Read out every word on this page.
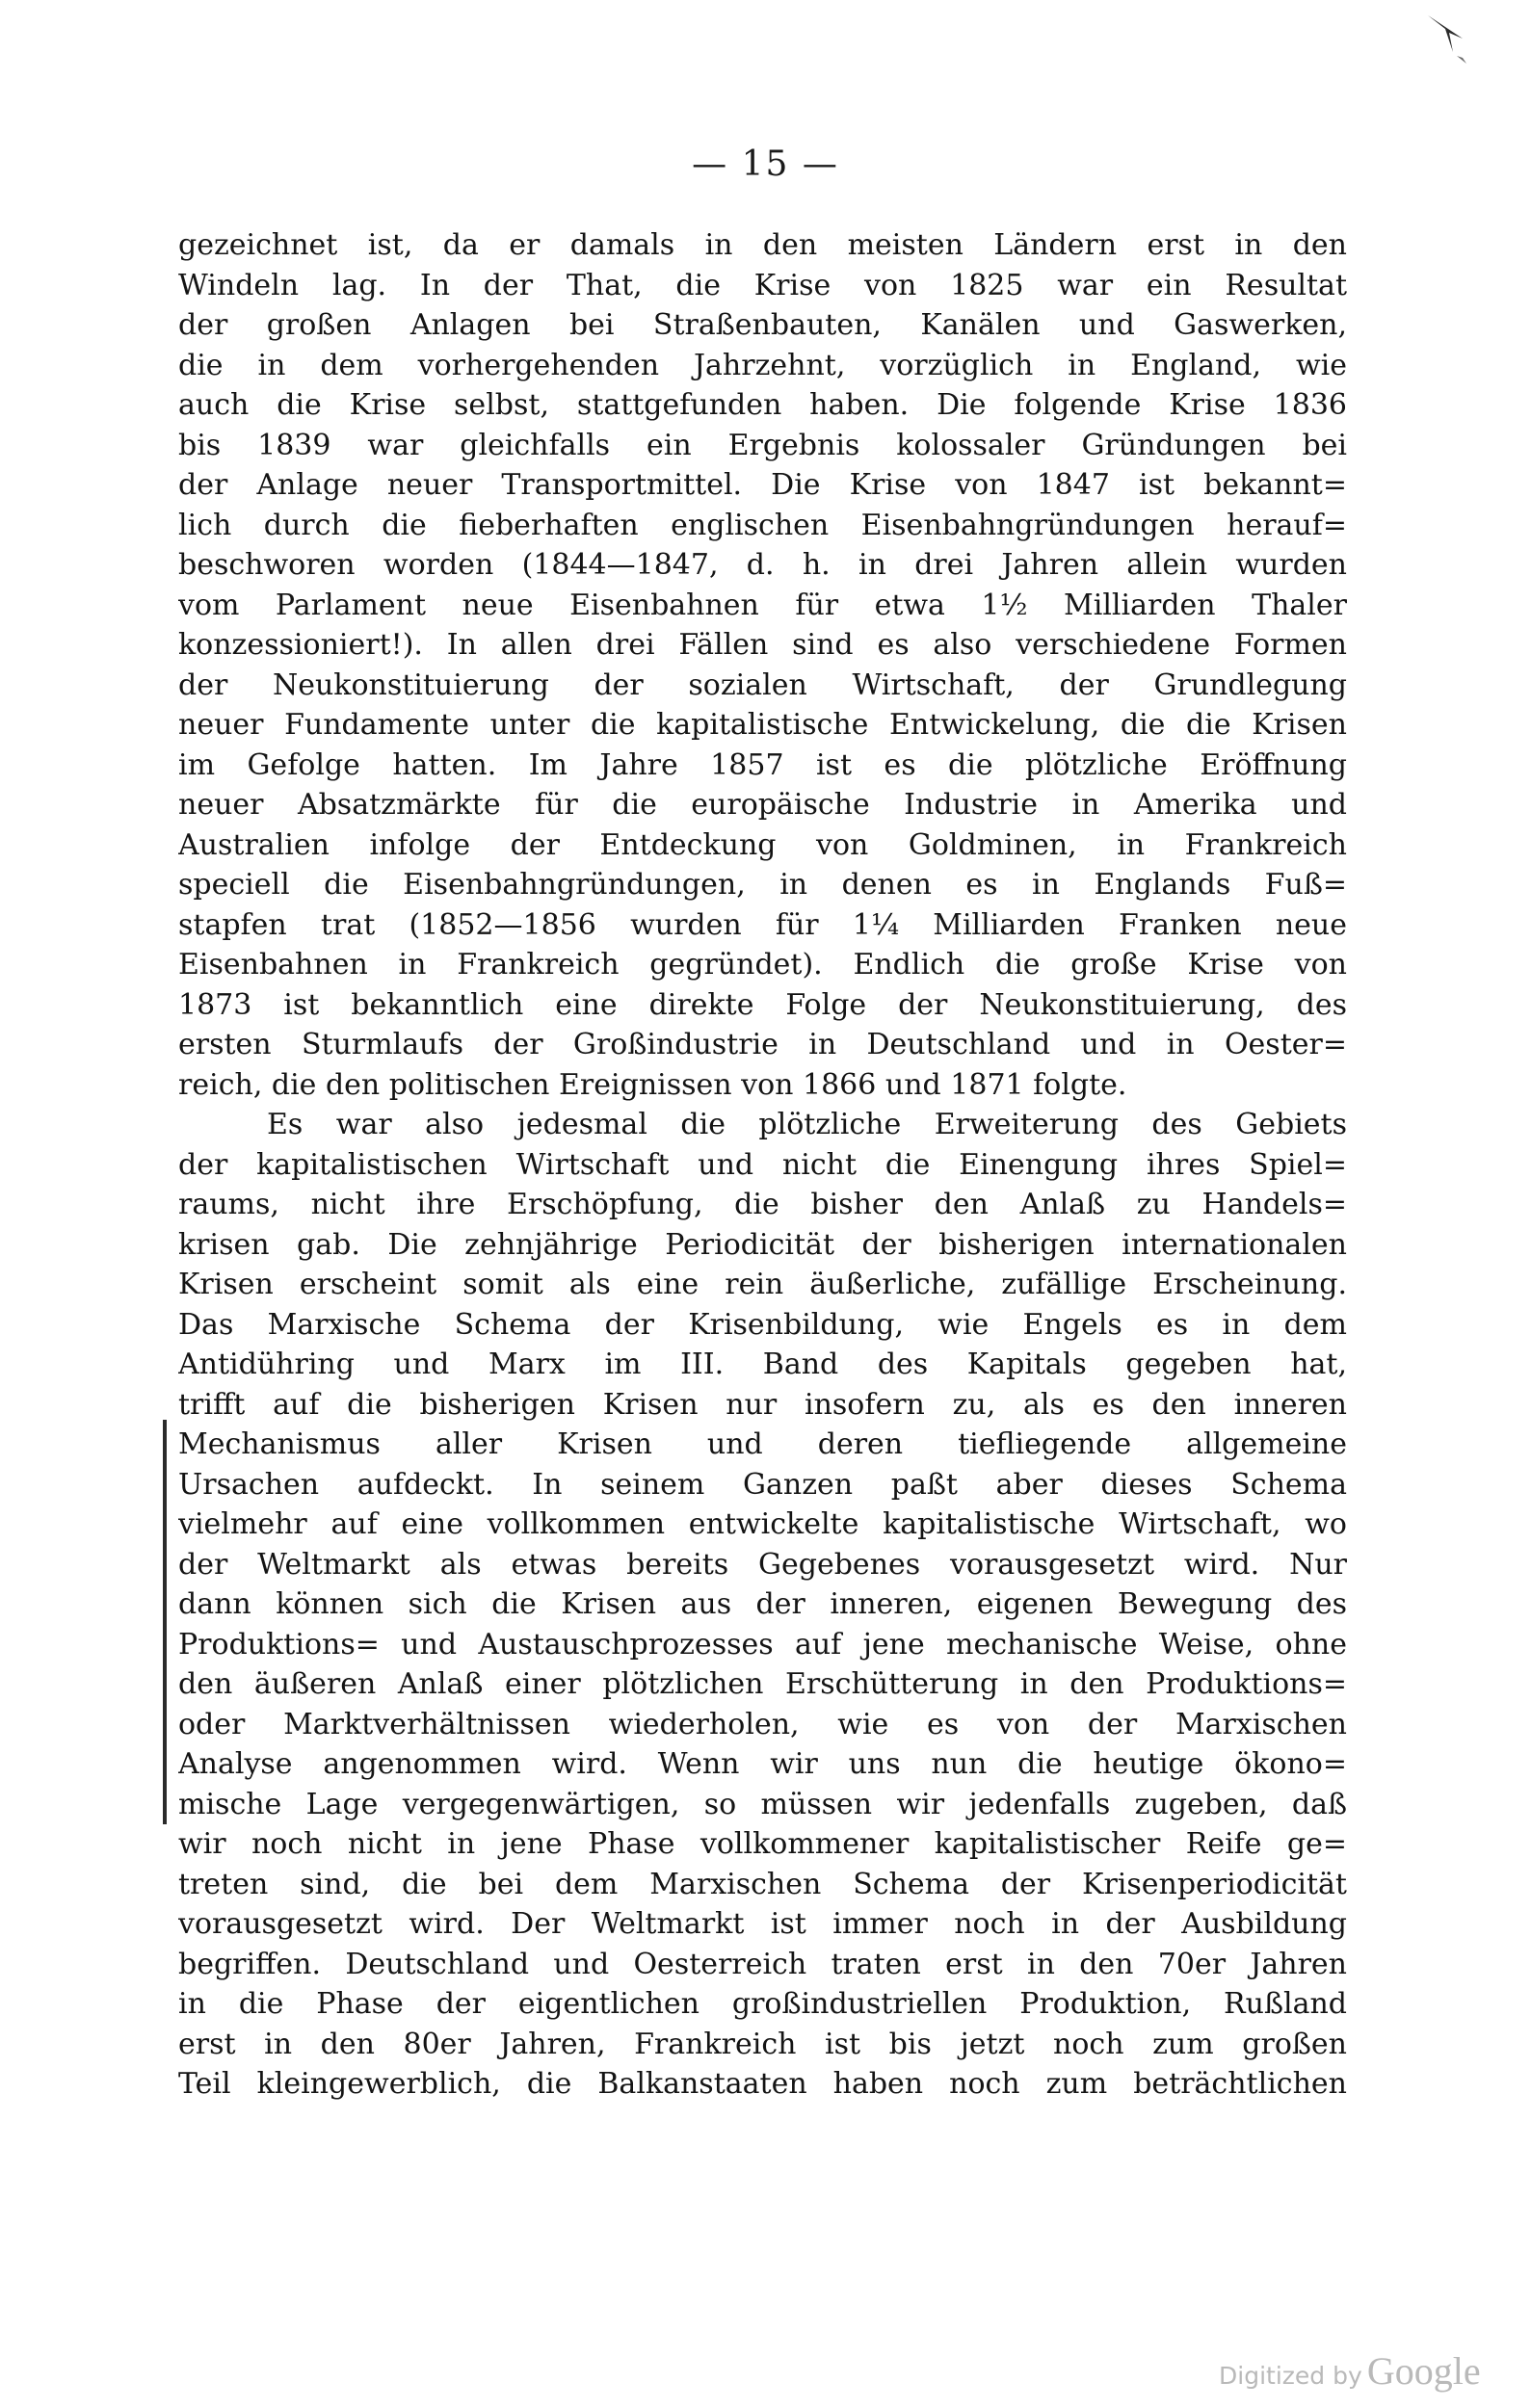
— 15 —
gezeichnet ist, da er damals in den meisten Ländern erst in den
Windeln lag. In der That, die Krise von 1825 war ein Resultat
der großen Anlagen bei Straßenbauten, Kanälen und Gaswerken,
die in dem vorhergehenden Jahrzehnt, vorzüglich in England, wie
auch die Krise selbst, stattgefunden haben. Die folgende Krise 1836
bis 1839 war gleichfalls ein Ergebnis kolossaler Gründungen bei
der Anlage neuer Transportmittel. Die Krise von 1847 ist bekannt=
lich durch die fieberhaften englischen Eisenbahngründungen herauf=
beschworen worden (1844—1847, d. h. in drei Jahren allein wurden
vom Parlament neue Eisenbahnen für etwa 1½ Milliarden Thaler
konzessioniert!). In allen drei Fällen sind es also verschiedene Formen
der Neukonstituierung der sozialen Wirtschaft, der Grundlegung
neuer Fundamente unter die kapitalistische Entwickelung, die die Krisen
im Gefolge hatten. Im Jahre 1857 ist es die plötzliche Eröffnung
neuer Absatzmärkte für die europäische Industrie in Amerika und
Australien infolge der Entdeckung von Goldminen, in Frankreich
speciell die Eisenbahngründungen, in denen es in Englands Fuß=
stapfen trat (1852—1856 wurden für 1¼ Milliarden Franken neue
Eisenbahnen in Frankreich gegründet). Endlich die große Krise von
1873 ist bekanntlich eine direkte Folge der Neukonstituierung, des
ersten Sturmlaufs der Großindustrie in Deutschland und in Oester=
reich, die den politischen Ereignissen von 1866 und 1871 folgte.
Es war also jedesmal die plötzliche Erweiterung des Gebiets
der kapitalistischen Wirtschaft und nicht die Einengung ihres Spiel=
raums, nicht ihre Erschöpfung, die bisher den Anlaß zu Handels=
krisen gab. Die zehnjährige Periodicität der bisherigen internationalen
Krisen erscheint somit als eine rein äußerliche, zufällige Erscheinung.
Das Marxische Schema der Krisenbildung, wie Engels es in dem
Antidühring und Marx im III. Band des Kapitals gegeben hat,
trifft auf die bisherigen Krisen nur insofern zu, als es den inneren
Mechanismus aller Krisen und deren tiefliegende allgemeine
Ursachen aufdeckt. In seinem Ganzen paßt aber dieses Schema
vielmehr auf eine vollkommen entwickelte kapitalistische Wirtschaft, wo
der Weltmarkt als etwas bereits Gegebenes vorausgesetzt wird. Nur
dann können sich die Krisen aus der inneren, eigenen Bewegung des
Produktions= und Austauschprozesses auf jene mechanische Weise, ohne
den äußeren Anlaß einer plötzlichen Erschütterung in den Produktions=
oder Marktverhältnissen wiederholen, wie es von der Marxischen
Analyse angenommen wird. Wenn wir uns nun die heutige ökono=
mische Lage vergegenwärtigen, so müssen wir jedenfalls zugeben, daß
wir noch nicht in jene Phase vollkommener kapitalistischer Reife ge=
treten sind, die bei dem Marxischen Schema der Krisenperiodicität
vorausgesetzt wird. Der Weltmarkt ist immer noch in der Ausbildung
begriffen. Deutschland und Oesterreich traten erst in den 70er Jahren
in die Phase der eigentlichen großindustriellen Produktion, Rußland
erst in den 80er Jahren, Frankreich ist bis jetzt noch zum großen
Teil kleingewerblich, die Balkanstaaten haben noch zum beträchtlichen
Digitized by Google
